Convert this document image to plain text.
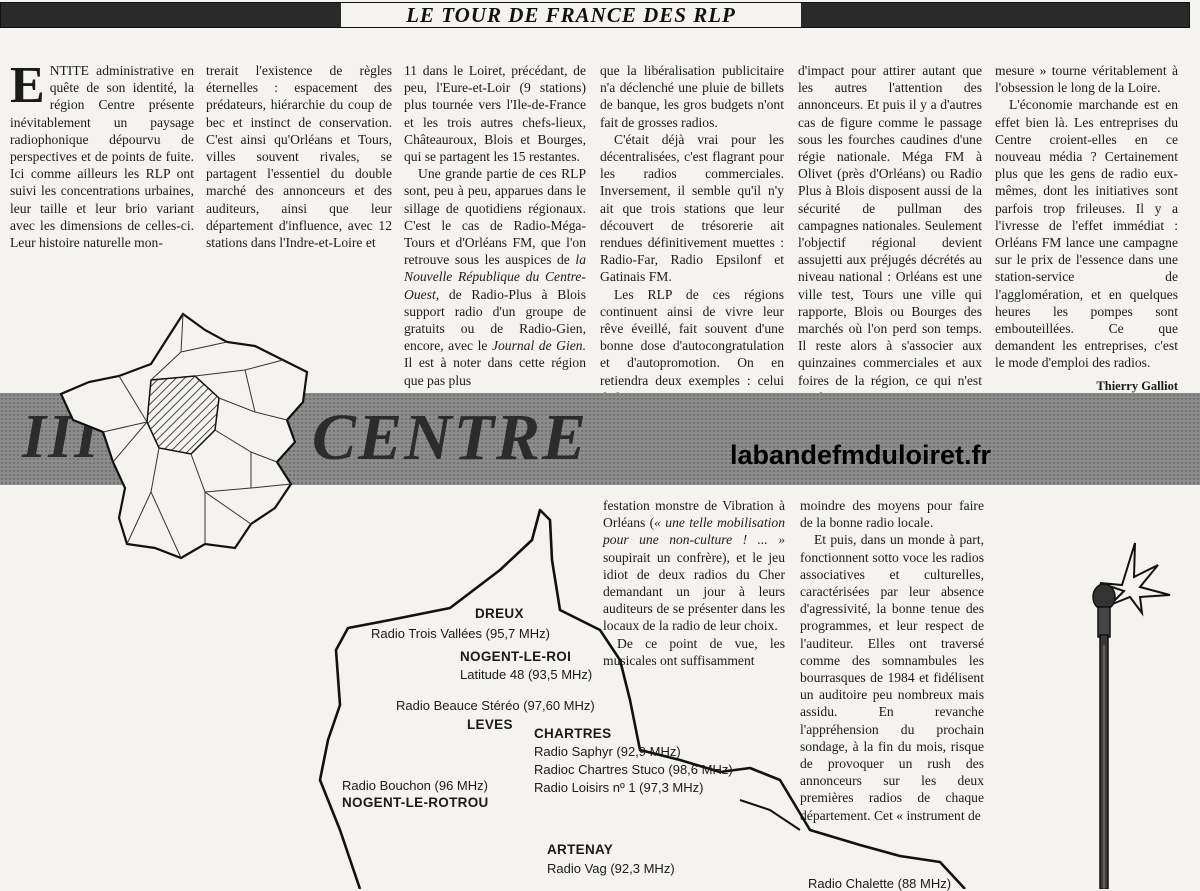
LE TOUR DE FRANCE DES RLP

ENTITE administrative en quête de son identité, la région Centre présente inévitablement un paysage radiophonique dépourvu de perspectives et de points de fuite. Ici comme ailleurs les RLP ont suivi les concentrations urbaines, leur taille et leur brio variant avec les dimensions de celles-ci. Leur histoire naturelle mon-

trerait l'existence de règles éternelles : espacement des prédateurs, hiérarchie du coup de bec et instinct de conservation. C'est ainsi qu'Orléans et Tours, villes souvent rivales, se partagent l'essentiel du double marché des annonceurs et des auditeurs, ainsi que leur département d'influence, avec 12 stations dans l'Indre-et-Loire et

11 dans le Loiret, précédant, de peu, l'Eure-et-Loir (9 stations) plus tournée vers l'Ile-de-France et les trois autres chefs-lieux, Châteauroux, Blois et Bourges, qui se partagent les 15 restantes.

Une grande partie de ces RLP sont, peu à peu, apparues dans le sillage de quotidiens régionaux. C'est le cas de Radio-Méga-Tours et d'Orléans FM, que l'on retrouve sous les auspices de la Nouvelle République du Centre-Ouest, de Radio-Plus à Blois support radio d'un groupe de gratuits ou de Radio-Gien, encore, avec le Journal de Gien. Il est à noter dans cette région que pas plus

que la libéralisation publicitaire n'a déclenché une pluie de billets de banque, les gros budgets n'ont fait de grosses radios.

C'était déjà vrai pour les décentralisées, c'est flagrant pour les radios commerciales. Inversement, il semble qu'il n'y ait que trois stations que leur découvert de trésorerie ait rendues définitivement muettes : Radio-Far, Radio Epsilonf et Gatinais FM.

Les RLP de ces régions continuent ainsi de vivre leur rêve éveillé, fait souvent d'une bonne dose d'autocongratulation et d'autopromotion. On en retiendra deux exemples : celui

d'impact pour attirer autant que les autres l'attention des annonceurs. Et puis il y a d'autres cas de figure comme le passage sous les fourches caudines d'une régie nationale. Méga FM à Olivet (près d'Orléans) ou Radio Plus à Blois disposent aussi de la sécurité de pullman des campagnes nationales. Seulement l'objectif régional devient assujetti aux préjugés décrétés au niveau national : Orléans est une ville test, Tours une ville qui rapporte, Blois ou Bourges des marchés où l'on perd son temps. Il reste alors à s'associer aux quinzaines commerciales et aux foires de la région, ce qui n'est

mesure » tourne véritablement à l'obsession le long de la Loire.

L'économie marchande est en effet bien là. Les entreprises du Centre croient-elles en ce nouveau média ? Certainement plus que les gens de radio eux-mêmes, dont les initiatives sont parfois trop frileuses. Il y a l'ivresse de l'effet immédiat : Orléans FM lance une campagne sur le prix de l'essence dans une station-service de l'agglomération, et en quelques heures les pompes sont embouteillées. Ce que demandent les entreprises, c'est le mode d'emploi des radios.

Thierry Galliot
III	CENTRE	labandefmduloiret.fr

festation monstre de Vibration à Orléans (« une telle mobilisation pour une non-culture ! ... » soupirait un confrère), et le jeu idiot de deux radios du Cher demandant un jour à leurs auditeurs de se présenter dans les locaux de la radio de leur choix.

De ce point de vue, les musicales ont suffisamment

moindre des moyens pour faire de la bonne radio locale.

Et puis, dans un monde à part, fonctionnent sotto voce les radios associatives et culturelles, caractérisées par leur absence d'agressivité, la bonne tenue des programmes, et leur respect de l'auditeur. Elles ont traversé comme des somnambules les bourrasques de 1984 et fidélisent un auditoire peu nombreux mais assidu. En revanche l'appréhension du prochain sondage, à la fin du mois, risque de provoquer un rush des annonceurs sur les deux premières radios de chaque département. Cet « instrument de

DREUX
Radio Trois Vallées (95,7 MHz)
NOGENT-LE-ROI
Latitude 48 (93,5 MHz)
Radio Beauce Stéréo (97,60 MHz)
LEVES
CHARTRES
Radio Saphyr (92,9 MHz)
Radioc Chartres Stuco (98,6 MHz)
Radio Loisirs nº 1 (97,3 MHz)
Radio Bouchon (96 MHz)
NOGENT-LE-ROTROU
ARTENAY
Radio Vag (92,3 MHz)
Radio Chalette (88 MHz)
